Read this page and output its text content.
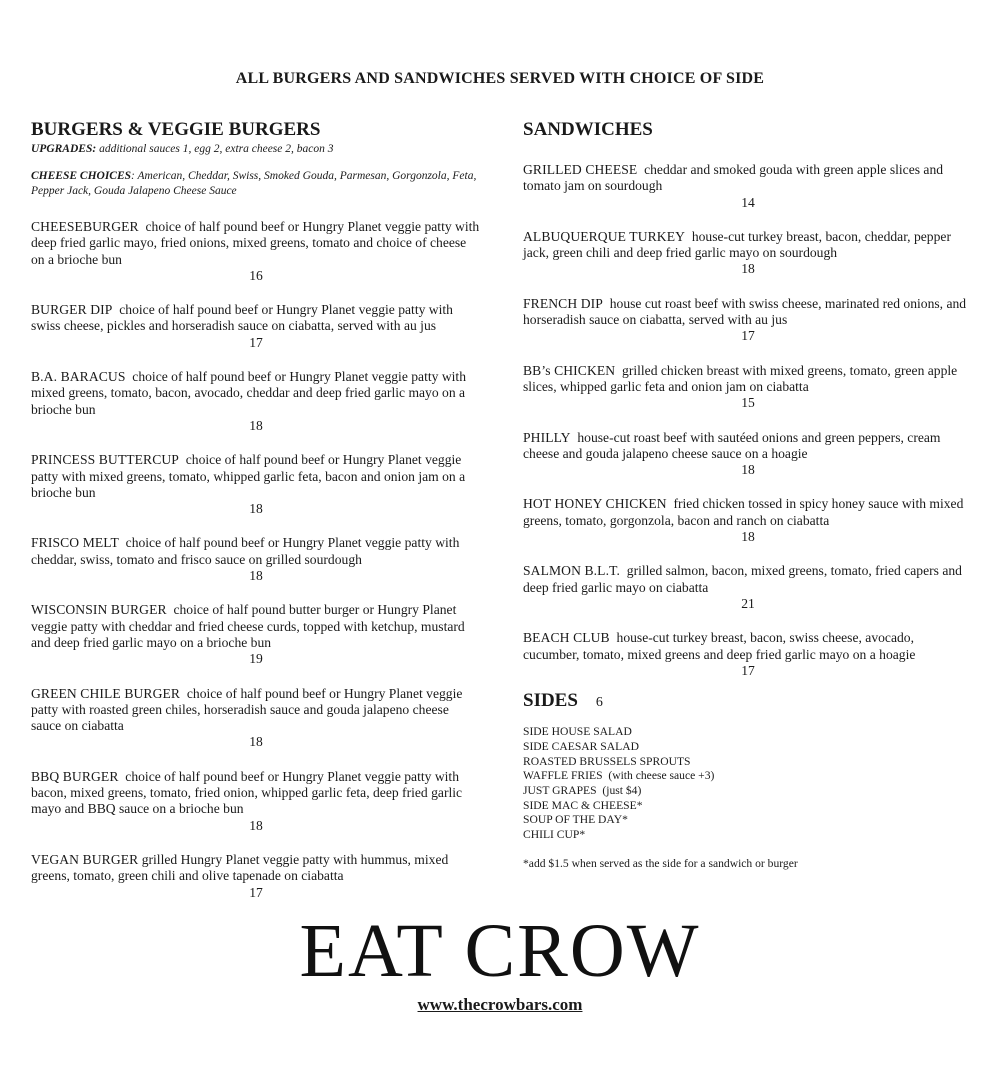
ALL BURGERS AND SANDWICHES SERVED WITH CHOICE OF SIDE
BURGERS & VEGGIE BURGERS

UPGRADES: additional sauces 1, egg 2, extra cheese 2, bacon 3

CHEESE CHOICES: American, Cheddar, Swiss, Smoked Gouda, Parmesan, Gorgonzola, Feta, Pepper Jack, Gouda Jalapeno Cheese Sauce

CHEESEBURGER  choice of half pound beef or Hungry Planet veggie patty with deep fried garlic mayo, fried onions, mixed greens, tomato and choice of cheese on a brioche bun
16
BURGER DIP  choice of half pound beef or Hungry Planet veggie patty with swiss cheese, pickles and horseradish sauce on ciabatta, served with au jus
17
B.A. BARACUS  choice of half pound beef or Hungry Planet veggie patty with mixed greens, tomato, bacon, avocado, cheddar and deep fried garlic mayo on a brioche bun
18
PRINCESS BUTTERCUP  choice of half pound beef or Hungry Planet veggie patty with mixed greens, tomato, whipped garlic feta, bacon and onion jam on a brioche bun
18
FRISCO MELT  choice of half pound beef or Hungry Planet veggie patty with cheddar, swiss, tomato and frisco sauce on grilled sourdough
18
WISCONSIN BURGER  choice of half pound butter burger or Hungry Planet veggie patty with cheddar and fried cheese curds, topped with ketchup, mustard and deep fried garlic mayo on a brioche bun
19
GREEN CHILE BURGER  choice of half pound beef or Hungry Planet veggie patty with roasted green chiles, horseradish sauce and gouda jalapeno cheese sauce on ciabatta
18
BBQ BURGER  choice of half pound beef or Hungry Planet veggie patty with bacon, mixed greens, tomato, fried onion, whipped garlic feta, deep fried garlic mayo and BBQ sauce on a brioche bun
18
VEGAN BURGER grilled Hungry Planet veggie patty with hummus, mixed greens, tomato, green chili and olive tapenade on ciabatta
17
SANDWICHES
GRILLED CHEESE  cheddar and smoked gouda with green apple slices and tomato jam on sourdough
14
ALBUQUERQUE TURKEY  house-cut turkey breast, bacon, cheddar, pepper jack, green chili and deep fried garlic mayo on sourdough
18
FRENCH DIP  house cut roast beef with swiss cheese, marinated red onions, and horseradish sauce on ciabatta, served with au jus
17
BB’s CHICKEN  grilled chicken breast with mixed greens, tomato, green apple slices, whipped garlic feta and onion jam on ciabatta
15
PHILLY  house-cut roast beef with sautéed onions and green peppers, cream cheese and gouda jalapeno cheese sauce on a hoagie
18
HOT HONEY CHICKEN  fried chicken tossed in spicy honey sauce with mixed greens, tomato, gorgonzola, bacon and ranch on ciabatta
18
SALMON B.L.T.  grilled salmon, bacon, mixed greens, tomato, fried capers and deep fried garlic mayo on ciabatta
21
BEACH CLUB  house-cut turkey breast, bacon, swiss cheese, avocado, cucumber, tomato, mixed greens and deep fried garlic mayo on a hoagie
17
SIDES 6
SIDE HOUSE SALAD
SIDE CAESAR SALAD
ROASTED BRUSSELS SPROUTS
WAFFLE FRIES  (with cheese sauce +3)
JUST GRAPES  (just $4)
SIDE MAC & CHEESE*
SOUP OF THE DAY*
CHILI CUP*
*add $1.5 when served as the side for a sandwich or burger
EAT CROW
www.thecrowbars.com
